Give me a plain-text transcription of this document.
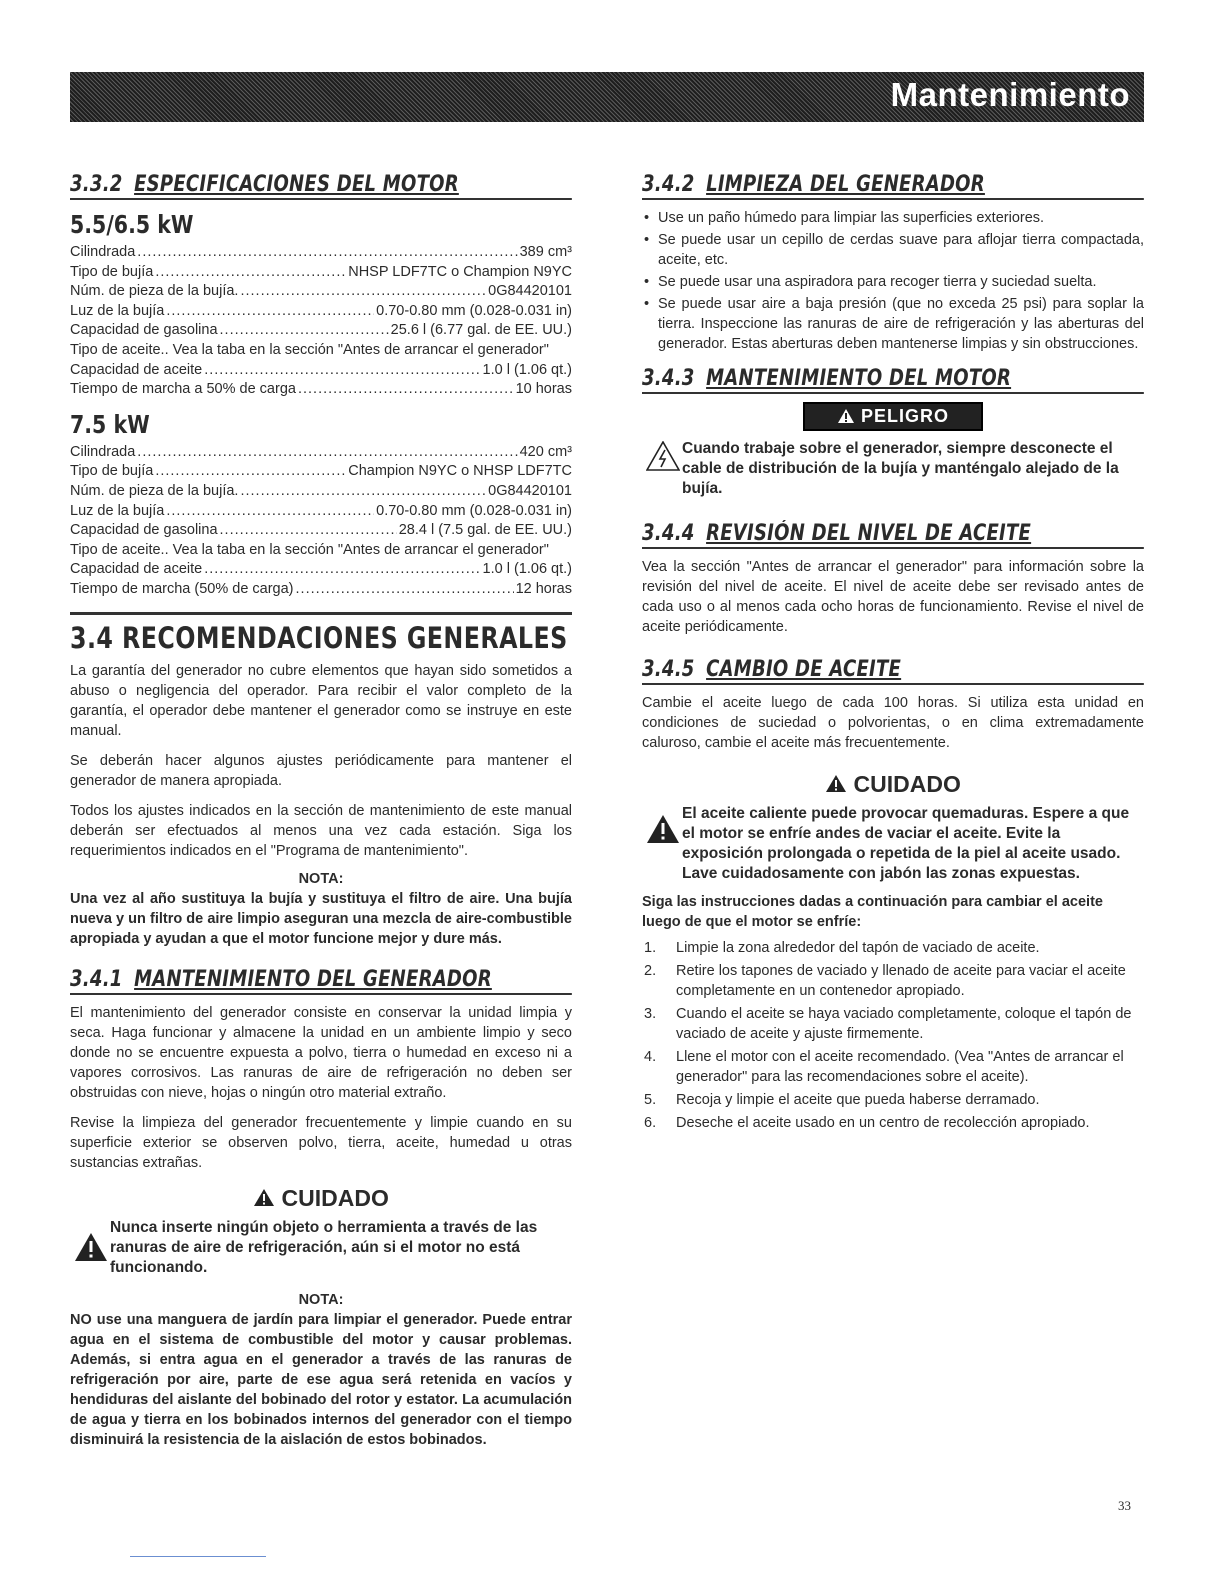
Mantenimiento
3.3.2 ESPECIFICACIONES DEL MOTOR
5.5/6.5 kW
Cilindrada .....	389 cm³
Tipo de bujía .....	NHSP LDF7TC o Champion N9YC
Núm. de pieza de la bujía. .....	0G84420101
Luz de la bujía .....	0.70-0.80 mm (0.028-0.031 in)
Capacidad de gasolina .....	25.6 l (6.77 gal. de EE. UU.)
Tipo de aceite.. Vea la taba en la sección "Antes de arrancar el generador"
Capacidad de aceite .....	1.0 l (1.06 qt.)
Tiempo de marcha a 50% de carga .....	10 horas
7.5 kW
Cilindrada .....	420 cm³
Tipo de bujía .....	Champion N9YC o NHSP LDF7TC
Núm. de pieza de la bujía. .....	0G84420101
Luz de la bujía .....	0.70-0.80 mm (0.028-0.031 in)
Capacidad de gasolina .....	28.4 l (7.5 gal. de EE. UU.)
Tipo de aceite.. Vea la taba en la sección "Antes de arrancar el generador"
Capacidad de aceite .....	1.0 l (1.06 qt.)
Tiempo de marcha (50% de carga) .....	12 horas
3.4 RECOMENDACIONES GENERALES

La garantía del generador no cubre elementos que hayan sido sometidos a abuso o negligencia del operador. Para recibir el valor completo de la garantía, el operador debe mantener el generador como se instruye en este manual.

Se deberán hacer algunos ajustes periódicamente para mantener el generador de manera apropiada.

Todos los ajustes indicados en la sección de mantenimiento de este manual deberán ser efectuados al menos una vez cada estación. Siga los requerimientos indicados en el "Programa de mantenimiento".

NOTA:
Una vez al año sustituya la bujía y sustituya el filtro de aire. Una bujía nueva y un filtro de aire limpio aseguran una mezcla de aire-combustible apropiada y ayudan a que el motor funcione mejor y dure más.
3.4.1 MANTENIMIENTO DEL GENERADOR

El mantenimiento del generador consiste en conservar la unidad limpia y seca. Haga funcionar y almacene la unidad en un ambiente limpio y seco donde no se encuentre expuesta a polvo, tierra o humedad en exceso ni a vapores corrosivos. Las ranuras de aire de refrigeración no deben ser obstruidas con nieve, hojas o ningún otro material extraño.

Revise la limpieza del generador frecuentemente y limpie cuando en su superficie exterior se observen polvo, tierra, aceite, humedad u otras sustancias extrañas.

CUIDADO
Nunca inserte ningún objeto o herramienta a través de las ranuras de aire de refrigeración, aún si el motor no está funcionando.
NOTA:
NO use una manguera de jardín para limpiar el generador. Puede entrar agua en el sistema de combustible del motor y causar problemas. Además, si entra agua en el generador a través de las ranuras de refrigeración por aire, parte de ese agua será retenida en vacíos y hendiduras del aislante del bobinado del rotor y estator. La acumulación de agua y tierra en los bobinados internos del generador con el tiempo disminuirá la resistencia de la aislación de estos bobinados.
3.4.2 LIMPIEZA DEL GENERADOR
• Use un paño húmedo para limpiar las superficies exteriores.
• Se puede usar un cepillo de cerdas suave para aflojar tierra compactada, aceite, etc.
• Se puede usar una aspiradora para recoger tierra y suciedad suelta.
• Se puede usar aire a baja presión (que no exceda 25 psi) para soplar la tierra. Inspeccione las ranuras de aire de refrigeración y las aberturas del generador. Estas aberturas deben mantenerse limpias y sin obstrucciones.
3.4.3 MANTENIMIENTO DEL MOTOR
PELIGRO
Cuando trabaje sobre el generador, siempre desconecte el cable de distribución de la bujía y manténgalo alejado de la bujía.
3.4.4 REVISIÓN DEL NIVEL DE ACEITE

Vea la sección "Antes de arrancar el generador" para información sobre la revisión del nivel de aceite. El nivel de aceite debe ser revisado antes de cada uso o al menos cada ocho horas de funcionamiento. Revise el nivel de aceite periódicamente.

3.4.5 CAMBIO DE ACEITE

Cambie el aceite luego de cada 100 horas. Si utiliza esta unidad en condiciones de suciedad o polvorientas, o en clima extremadamente caluroso, cambie el aceite más frecuentemente.

CUIDADO
El aceite caliente puede provocar quemaduras. Espere a que el motor se enfríe andes de vaciar el aceite. Evite la exposición prolongada o repetida de la piel al aceite usado. Lave cuidadosamente con jabón las zonas expuestas.
Siga las instrucciones dadas a continuación para cambiar el aceite luego de que el motor se enfríe:
1. Limpie la zona alrededor del tapón de vaciado de aceite.
2. Retire los tapones de vaciado y llenado de aceite para vaciar el aceite completamente en un contenedor apropiado.
3. Cuando el aceite se haya vaciado completamente, coloque el tapón de vaciado de aceite y ajuste firmemente.
4. Llene el motor con el aceite recomendado. (Vea "Antes de arrancar el generador" para las recomendaciones sobre el aceite).
5. Recoja y limpie el aceite que pueda haberse derramado.
6. Deseche el aceite usado en un centro de recolección apropiado.
33
